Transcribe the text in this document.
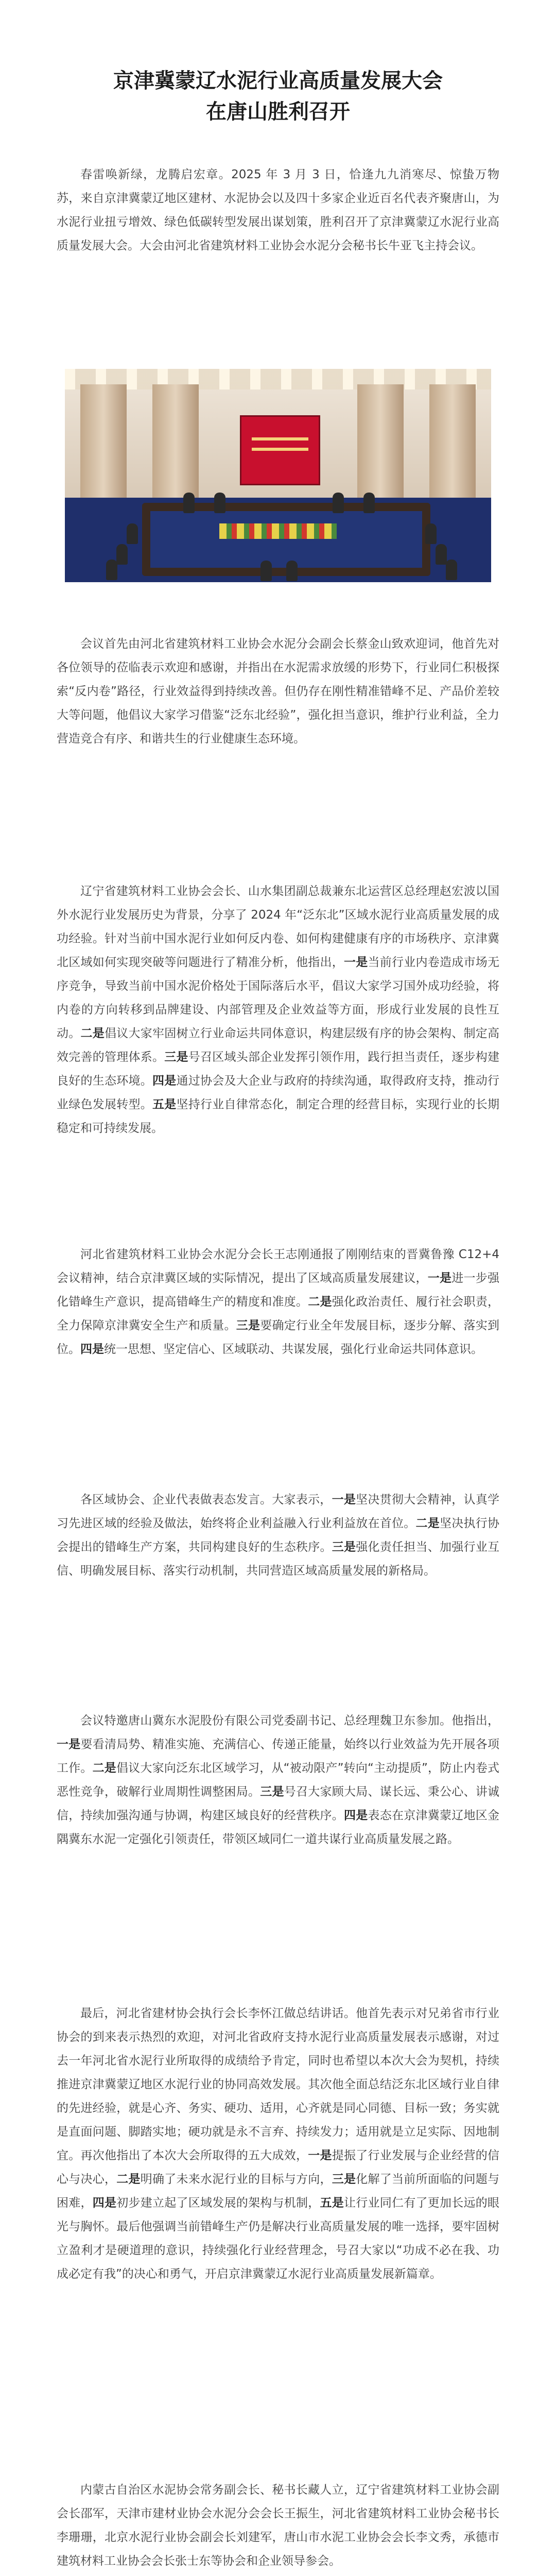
京津冀蒙辽水泥行业高质量发展大会
在唐山胜利召开

春雷唤新绿，龙腾启宏章。2025 年 3 月 3 日，恰逢九九消寒尽、惊蛰万物苏，来自京津冀蒙辽地区建材、水泥协会以及四十多家企业近百名代表齐聚唐山，为水泥行业扭亏增效、绿色低碳转型发展出谋划策，胜利召开了京津冀蒙辽水泥行业高质量发展大会。大会由河北省建筑材料工业协会水泥分会秘书长牛亚飞主持会议。

会议首先由河北省建筑材料工业协会水泥分会副会长蔡金山致欢迎词，他首先对各位领导的莅临表示欢迎和感谢，并指出在水泥需求放缓的形势下，行业同仁积极探索“反内卷”路径，行业效益得到持续改善。但仍存在刚性精准错峰不足、产品价差较大等问题，他倡议大家学习借鉴“泛东北经验”，强化担当意识，维护行业利益，全力营造竞合有序、和谐共生的行业健康生态环境。

辽宁省建筑材料工业协会会长、山水集团副总裁兼东北运营区总经理赵宏波以国外水泥行业发展历史为背景，分享了 2024 年“泛东北”区域水泥行业高质量发展的成功经验。针对当前中国水泥行业如何反内卷、如何构建健康有序的市场秩序、京津冀北区域如何实现突破等问题进行了精准分析，他指出，一是当前行业内卷造成市场无序竞争，导致当前中国水泥价格处于国际落后水平，倡议大家学习国外成功经验，将内卷的方向转移到品牌建设、内部管理及企业效益等方面，形成行业发展的良性互动。二是倡议大家牢固树立行业命运共同体意识，构建层级有序的协会架构、制定高效完善的管理体系。三是号召区域头部企业发挥引领作用，践行担当责任，逐步构建良好的生态环境。四是通过协会及大企业与政府的持续沟通，取得政府支持，推动行业绿色发展转型。五是坚持行业自律常态化，制定合理的经营目标，实现行业的长期稳定和可持续发展。

河北省建筑材料工业协会水泥分会长王志刚通报了刚刚结束的晋冀鲁豫 C12+4 会议精神，结合京津冀区域的实际情况，提出了区域高质量发展建议，一是进一步强化错峰生产意识，提高错峰生产的精度和准度。二是强化政治责任、履行社会职责，全力保障京津冀安全生产和质量。三是要确定行业全年发展目标，逐步分解、落实到位。四是统一思想、坚定信心、区域联动、共谋发展，强化行业命运共同体意识。

各区域协会、企业代表做表态发言。大家表示，一是坚决贯彻大会精神，认真学习先进区域的经验及做法，始终将企业利益融入行业利益放在首位。二是坚决执行协会提出的错峰生产方案，共同构建良好的生态秩序。三是强化责任担当、加强行业互信、明确发展目标、落实行动机制，共同营造区域高质量发展的新格局。

会议特邀唐山冀东水泥股份有限公司党委副书记、总经理魏卫东参加。他指出，一是要看清局势、精准实施、充满信心、传递正能量，始终以行业效益为先开展各项工作。二是倡议大家向泛东北区域学习，从“被动限产”转向“主动提质”，防止内卷式恶性竞争，破解行业周期性调整困局。三是号召大家顾大局、谋长远、秉公心、讲诚信，持续加强沟通与协调，构建区域良好的经营秩序。四是表态在京津冀蒙辽地区金隅冀东水泥一定强化引领责任，带领区域同仁一道共谋行业高质量发展之路。

最后，河北省建材协会执行会长李怀江做总结讲话。他首先表示对兄弟省市行业协会的到来表示热烈的欢迎，对河北省政府支持水泥行业高质量发展表示感谢，对过去一年河北省水泥行业所取得的成绩给予肯定，同时也希望以本次大会为契机，持续推进京津冀蒙辽地区水泥行业的协同高效发展。其次他全面总结泛东北区域行业自律的先进经验，就是心齐、务实、硬功、适用，心齐就是同心同德、目标一致；务实就是直面问题、脚踏实地；硬功就是永不言弃、持续发力；适用就是立足实际、因地制宜。再次他指出了本次大会所取得的五大成效，一是提振了行业发展与企业经营的信心与决心，二是明确了未来水泥行业的目标与方向，三是化解了当前所面临的问题与困难，四是初步建立起了区域发展的架构与机制，五是让行业同仁有了更加长远的眼光与胸怀。最后他强调当前错峰生产仍是解决行业高质量发展的唯一选择，要牢固树立盈利才是硬道理的意识，持续强化行业经营理念，号召大家以“功成不必在我、功成必定有我”的决心和勇气，开启京津冀蒙辽水泥行业高质量发展新篇章。

内蒙古自治区水泥协会常务副会长、秘书长藏人立，辽宁省建筑材料工业协会副会长邵军，天津市建材业协会水泥分会会长王振生，河北省建筑材料工业协会秘书长李珊珊，北京水泥行业协会副会长刘建军，唐山市水泥工业协会会长李文秀，承德市建筑材料工业协会会长张士东等协会和企业领导参会。
